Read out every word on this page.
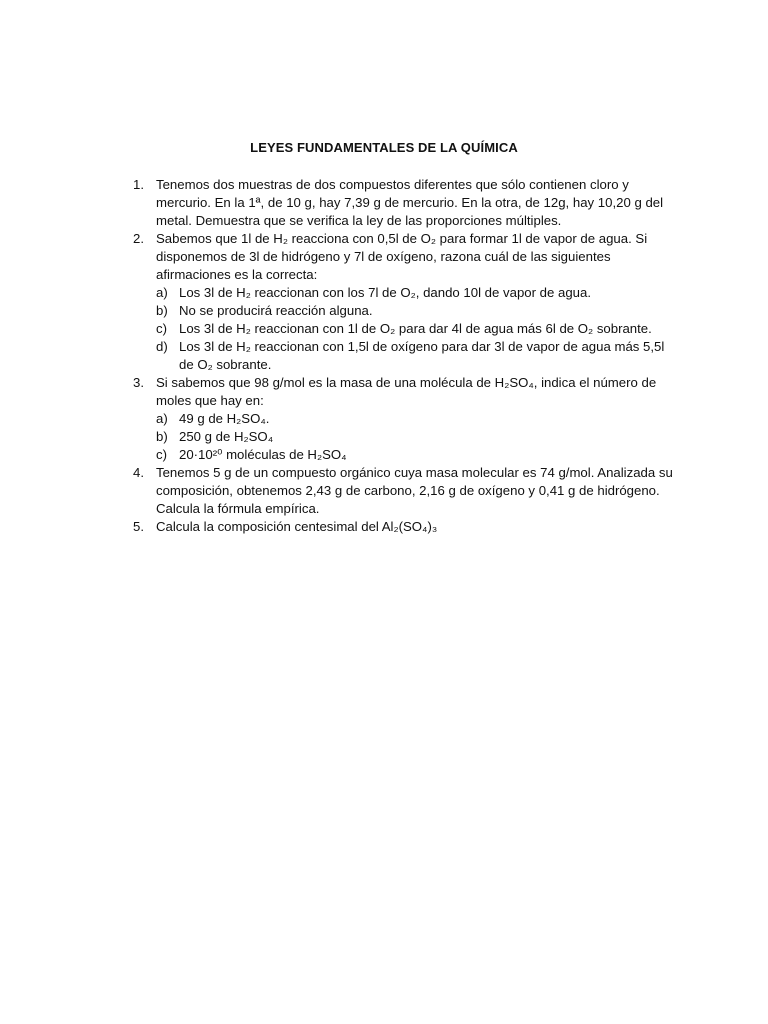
LEYES FUNDAMENTALES DE LA QUÍMICA
1. Tenemos dos muestras de dos compuestos diferentes que sólo contienen cloro y mercurio. En la 1ª, de 10 g, hay 7,39 g de mercurio. En la otra, de 12g, hay 10,20 g del metal. Demuestra que se verifica la ley de las proporciones múltiples.
2. Sabemos que 1l de H₂ reacciona con 0,5l de O₂ para formar 1l de vapor de agua. Si disponemos de 3l de hidrógeno y 7l de oxígeno, razona cuál de las siguientes afirmaciones es la correcta:
a) Los 3l de H₂ reaccionan con los 7l de O₂, dando 10l de vapor de agua.
b) No se producirá reacción alguna.
c) Los 3l de H₂ reaccionan con 1l de O₂ para dar 4l de agua más 6l de O₂ sobrante.
d) Los 3l de H₂ reaccionan con 1,5l de oxígeno para dar 3l de vapor de agua más 5,5l de O₂ sobrante.
3. Si sabemos que 98 g/mol es la masa de una molécula de H₂SO₄, indica el número de moles que hay en:
a) 49 g de H₂SO₄.
b) 250 g de H₂SO₄
c) 20·10²⁰ moléculas de H₂SO₄
4. Tenemos 5 g de un compuesto orgánico cuya masa molecular es 74 g/mol. Analizada su composición, obtenemos 2,43 g de carbono, 2,16 g de oxígeno y 0,41 g de hidrógeno. Calcula la fórmula empírica.
5. Calcula la composición centesimal del Al₂(SO₄)₃
